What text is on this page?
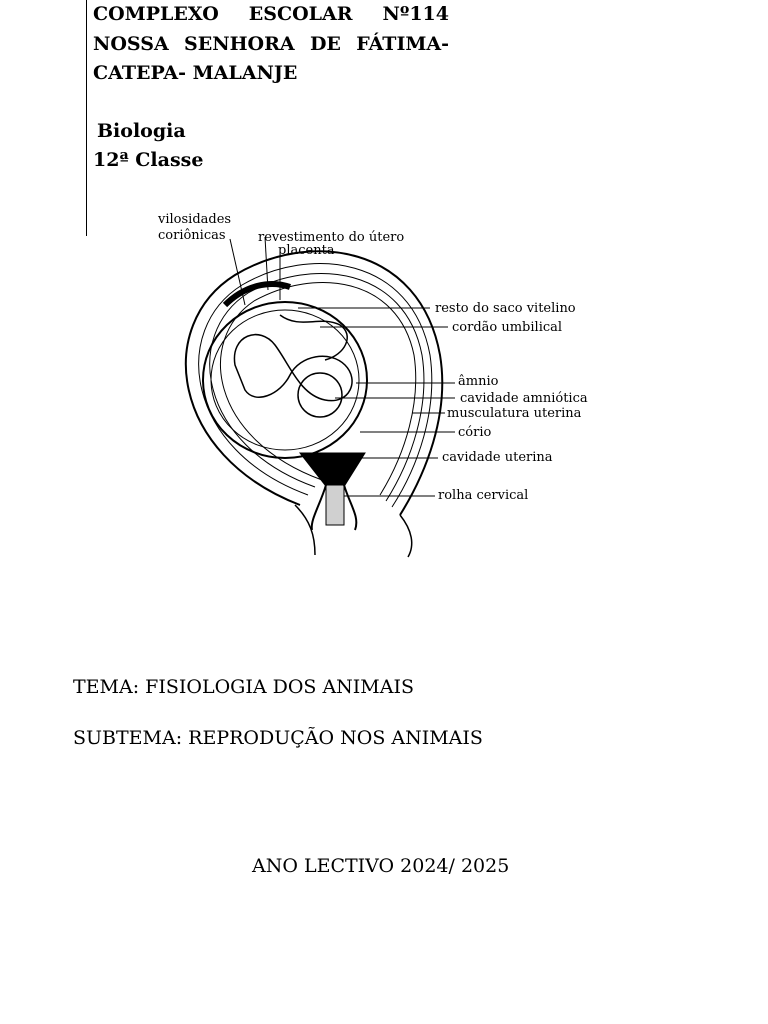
COMPLEXO ESCOLAR Nº114
NOSSA SENHORA DE FÁTIMA-
CATEPA- MALANJE
Biologia
12ª Classe
vilosidades
coriônicas revestimento do útero
placenta
resto do saco vitelino
cordão umbilical
âmnio
cavidade amniótica
musculatura uterina
cório
cavidade uterina
rolha cervical
TEMA: FISIOLOGIA DOS ANIMAIS
SUBTEMA: REPRODUÇÃO NOS ANIMAIS
ANO LECTIVO 2024/ 2025
